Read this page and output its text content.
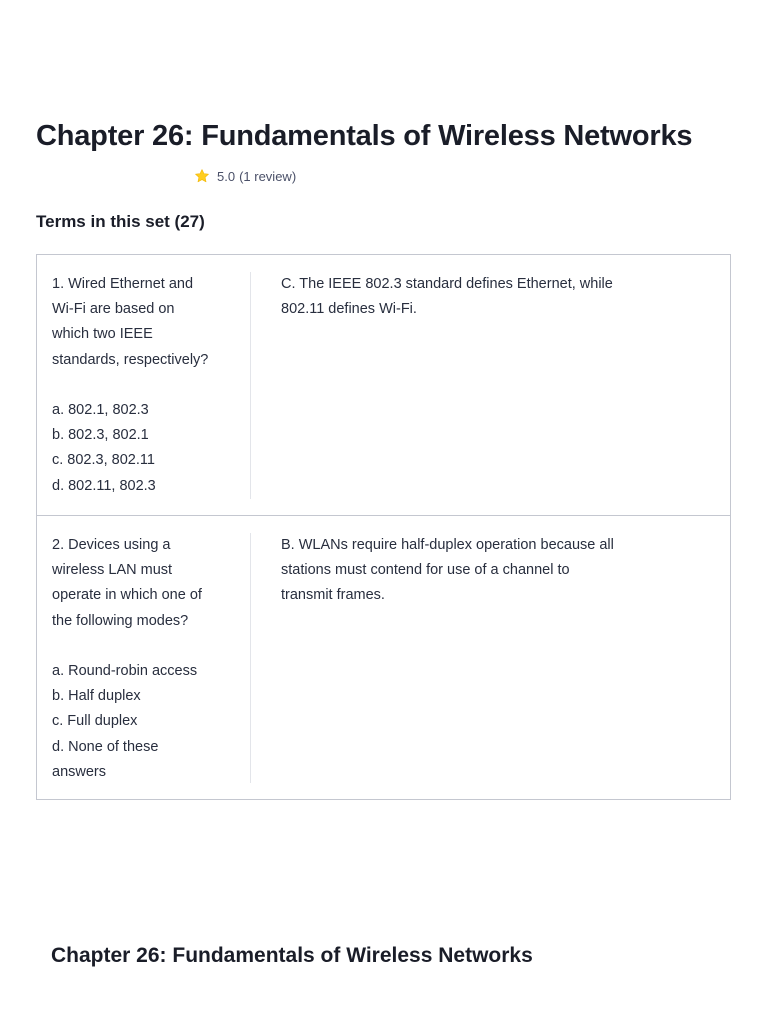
Chapter 26: Fundamentals of Wireless Networks
5.0 (1 review)
Terms in this set (27)

1. Wired Ethernet and
Wi-Fi are based on
which two IEEE
standards, respectively?

a. 802.1, 802.3
b. 802.3, 802.1
c. 802.3, 802.11
d. 802.11, 802.3

C. The IEEE 802.3 standard defines Ethernet, while
802.11 defines Wi-Fi.

2. Devices using a
wireless LAN must
operate in which one of
the following modes?

a. Round-robin access
b. Half duplex
c. Full duplex
d. None of these
answers

B. WLANs require half-duplex operation because all
stations must contend for use of a channel to
transmit frames.

Chapter 26: Fundamentals of Wireless Networks
